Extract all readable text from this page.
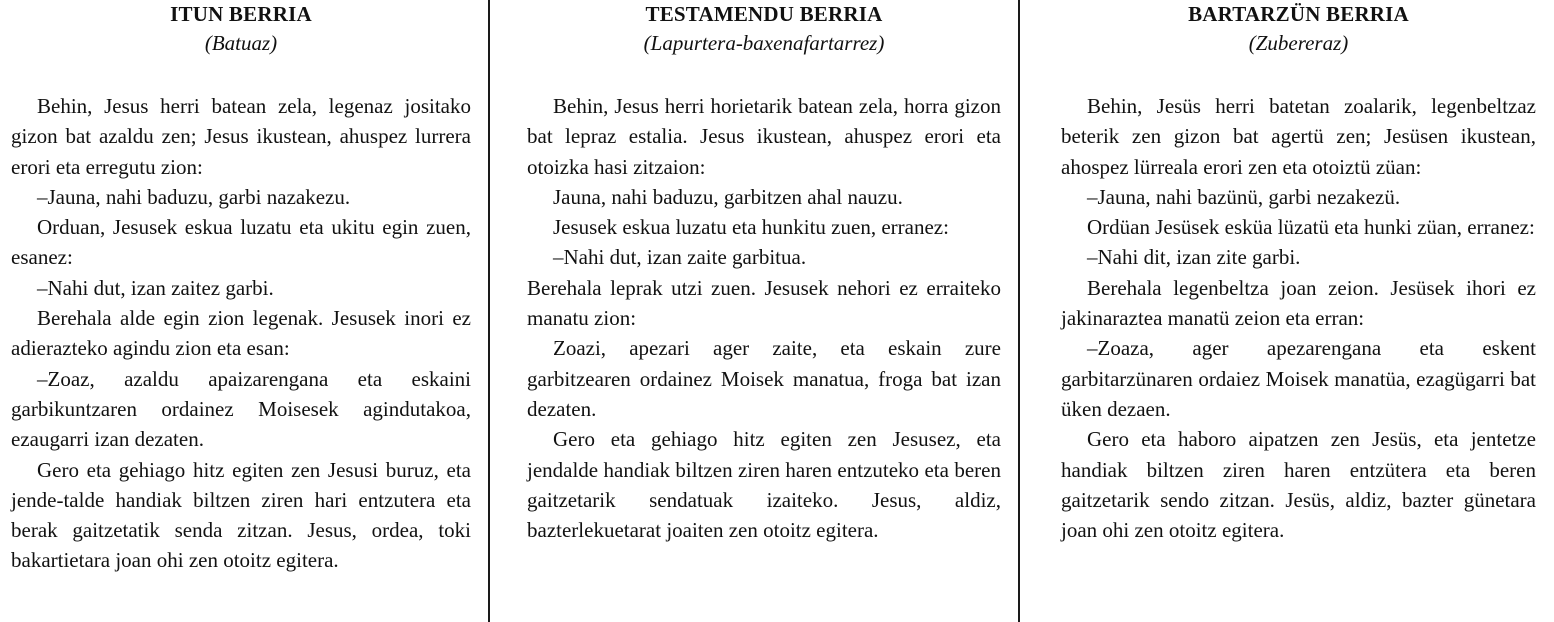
ITUN BERRIA
(Batuaz)

Behin, Jesus herri batean zela, legenaz jositako gizon bat azaldu zen; Jesus ikustean, ahuspez lurrera erori eta erregutu zion:

–Jauna, nahi baduzu, garbi nazakezu.

Orduan, Jesusek eskua luzatu eta ukitu egin zuen, esanez:

–Nahi dut, izan zaitez garbi.

Berehala alde egin zion legenak. Jesusek inori ez adierazteko agindu zion eta esan:

–Zoaz, azaldu apaizarengana eta eskaini garbikuntzaren ordainez Moisesek agindutakoa, ezaugarri izan dezaten.

Gero eta gehiago hitz egiten zen Jesusi buruz, eta jende-talde handiak biltzen ziren hari entzutera eta berak gaitzetatik senda zitzan. Jesus, ordea, toki bakartietara joan ohi zen otoitz egitera.

TESTAMENDU BERRIA
(Lapurtera-baxenafartarrez)

Behin, Jesus herri horietarik batean zela, horra gizon bat lepraz estalia. Jesus ikustean, ahuspez erori eta otoizka hasi zitzaion:

Jauna, nahi baduzu, garbitzen ahal nauzu.

Jesusek eskua luzatu eta hunkitu zuen, erranez:

–Nahi dut, izan zaite garbitua.

Berehala leprak utzi zuen. Jesusek nehori ez erraiteko manatu zion:

Zoazi, apezari ager zaite, eta eskain zure garbitzearen ordainez Moisek manatua, froga bat izan dezaten.

Gero eta gehiago hitz egiten zen Jesusez, eta jendalde handiak biltzen ziren haren entzuteko eta beren gaitzetarik sendatuak izaiteko. Jesus, aldiz, bazterlekuetarat joaiten zen otoitz egitera.

BARTARZÜN BERRIA
(Zubereraz)

Behin, Jesüs herri batetan zoalarik, legenbeltzaz beterik zen gizon bat agertü zen; Jesüsen ikustean, ahospez lürreala erori zen eta otoiztü züan:

–Jauna, nahi bazünü, garbi nezakezü.

Ordüan Jesüsek esküa lüzatü eta hunki züan, erranez:

–Nahi dit, izan zite garbi.

Berehala legenbeltza joan zeion. Jesüsek ihori ez jakinaraztea manatü zeion eta erran:

–Zoaza, ager apezarengana eta eskent garbitarzünaren ordaiez Moisek manatüa, ezagügarri bat üken dezaen.

Gero eta haboro aipatzen zen Jesüs, eta jentetze handiak biltzen ziren haren entzütera eta beren gaitzetarik sendo zitzan. Jesüs, aldiz, bazter günetara joan ohi zen otoitz egitera.
